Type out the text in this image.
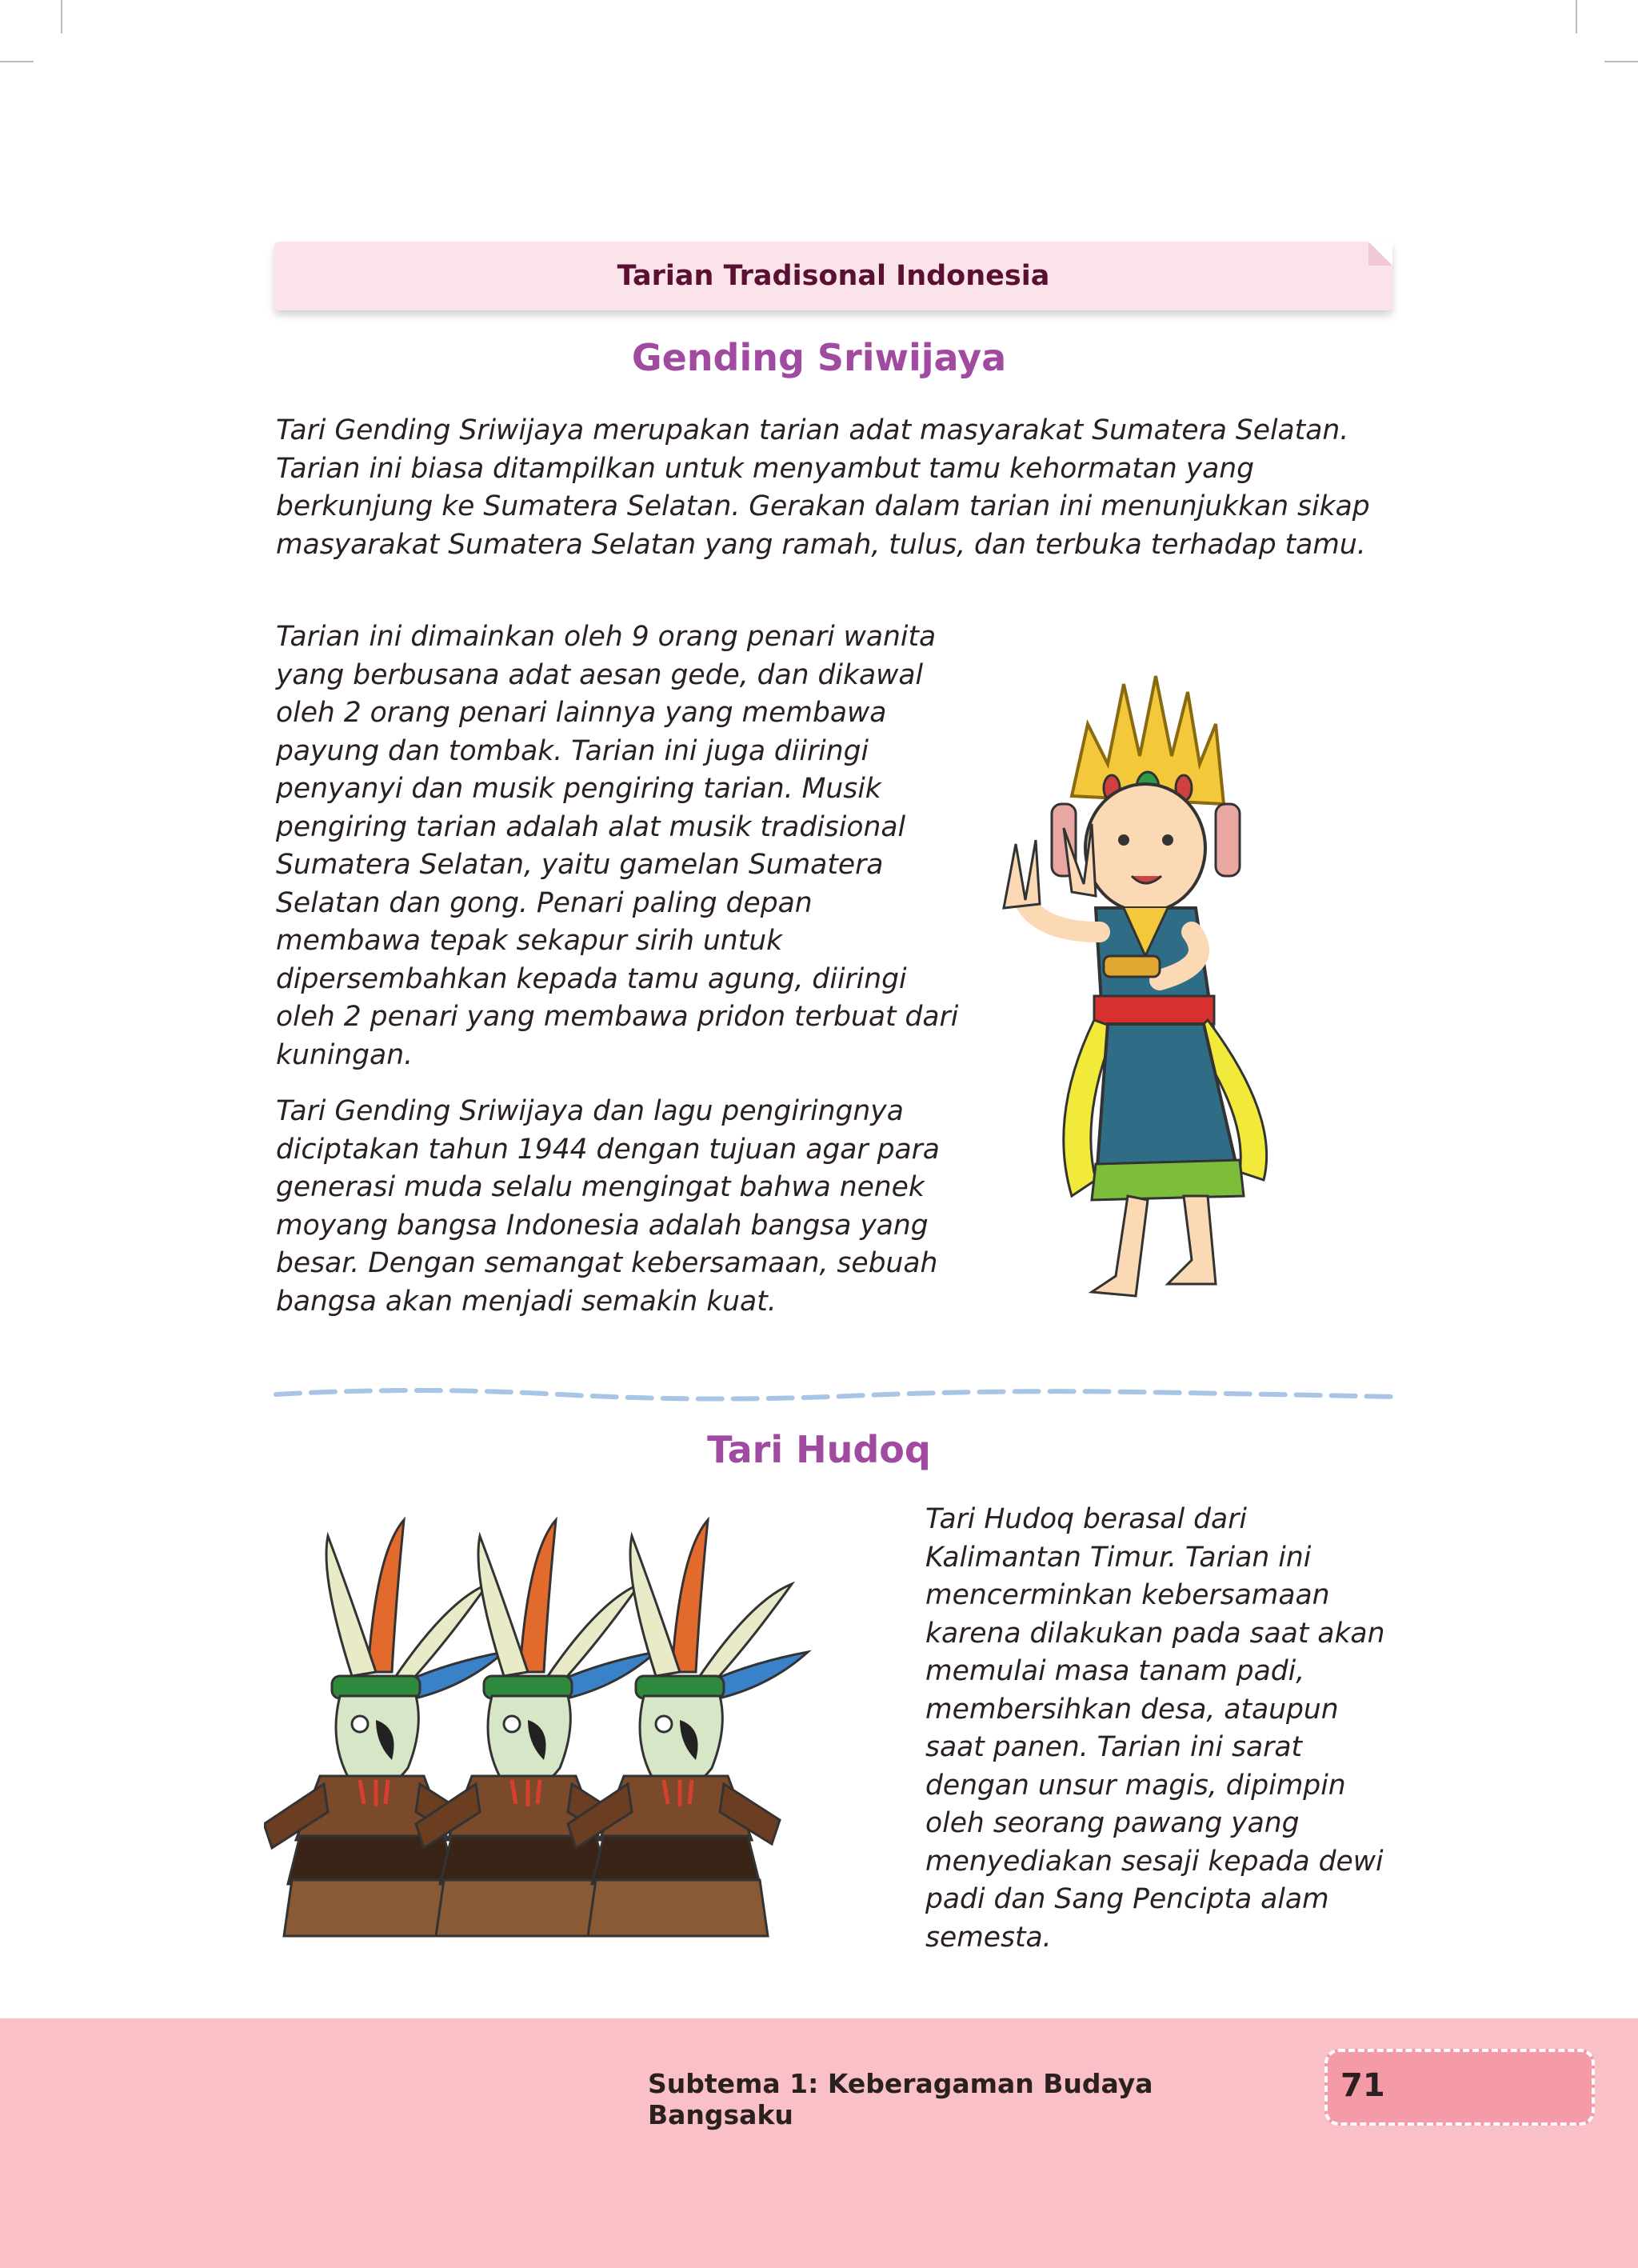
Tarian Tradisonal Indonesia
Gending Sriwijaya

Tari Gending Sriwijaya merupakan tarian adat masyarakat Sumatera Selatan. Tarian ini biasa ditampilkan untuk menyambut tamu kehormatan yang berkunjung ke Sumatera Selatan. Gerakan dalam tarian ini menunjukkan sikap masyarakat Sumatera Selatan yang ramah, tulus, dan terbuka terhadap tamu.

Tarian ini dimainkan oleh 9 orang penari wanita yang berbusana adat aesan gede, dan dikawal oleh 2 orang penari lainnya yang membawa payung dan tombak. Tarian ini juga diiringi penyanyi dan musik pengiring tarian. Musik pengiring tarian adalah alat musik tradisional Sumatera Selatan, yaitu gamelan Sumatera Selatan dan gong. Penari paling depan membawa tepak sekapur sirih untuk dipersembahkan kepada tamu agung, diiringi oleh 2 penari yang membawa pridon terbuat dari kuningan.

Tari Gending Sriwijaya dan lagu pengiringnya diciptakan tahun 1944 dengan tujuan agar para generasi muda selalu mengingat bahwa nenek moyang bangsa Indonesia adalah bangsa yang besar. Dengan semangat kebersamaan, sebuah bangsa akan menjadi semakin kuat.

Tari Hudoq

Tari Hudoq berasal dari Kalimantan Timur. Tarian ini mencerminkan kebersamaan karena dilakukan pada saat akan memulai masa tanam padi, membersihkan desa, ataupun saat panen. Tarian ini sarat dengan unsur magis, dipimpin oleh seorang pawang yang menyediakan sesaji kepada dewi padi dan Sang Pencipta alam semesta.

Subtema 1: Keberagaman Budaya Bangsaku
71
